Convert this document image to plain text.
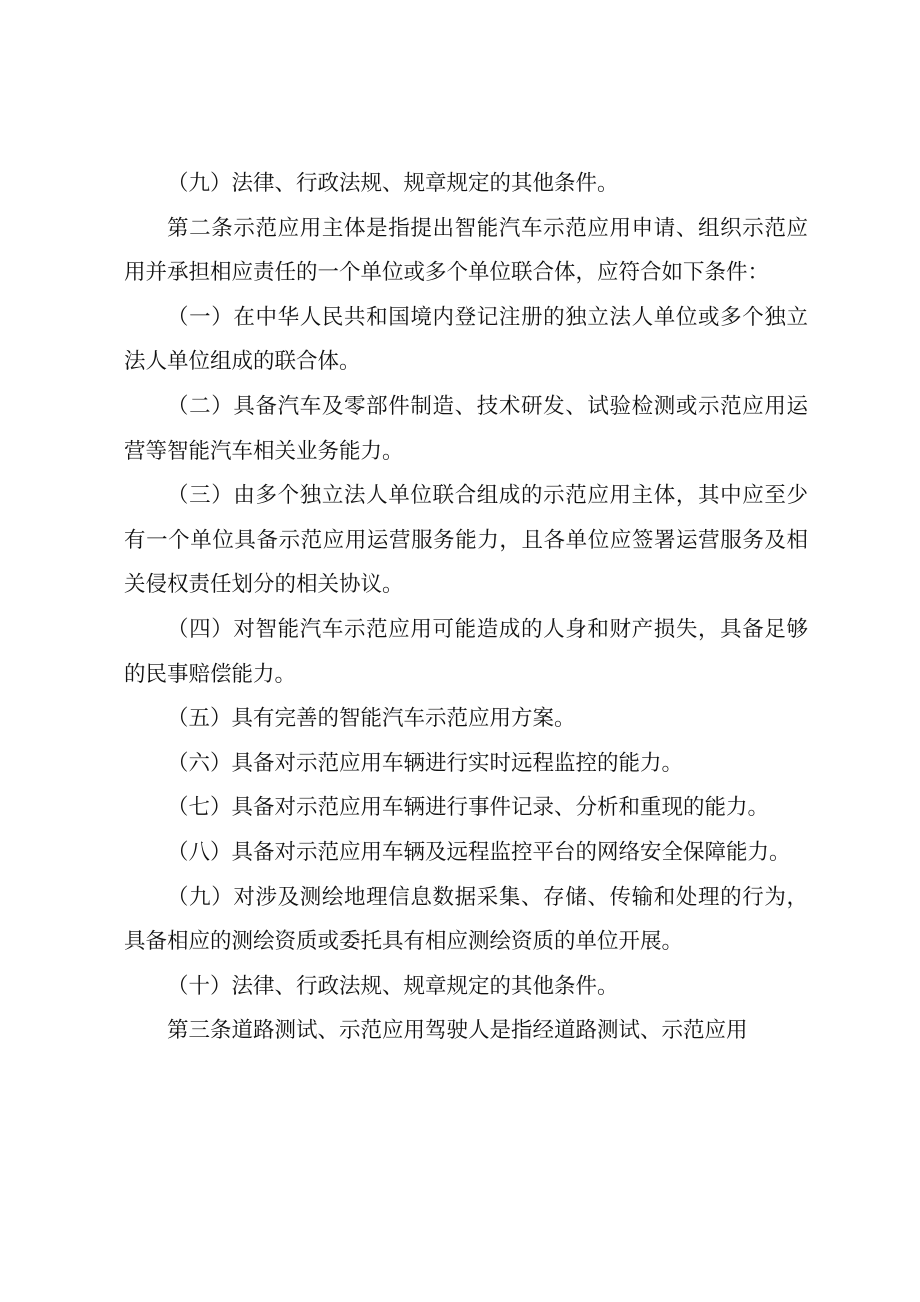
（九）法律、行政法规、规章规定的其他条件。

第二条示范应用主体是指提出智能汽车示范应用申请、组织示范应用并承担相应责任的一个单位或多个单位联合体，应符合如下条件：

（一）在中华人民共和国境内登记注册的独立法人单位或多个独立法人单位组成的联合体。

（二）具备汽车及零部件制造、技术研发、试验检测或示范应用运营等智能汽车相关业务能力。

（三）由多个独立法人单位联合组成的示范应用主体，其中应至少有一个单位具备示范应用运营服务能力，且各单位应签署运营服务及相关侵权责任划分的相关协议。

（四）对智能汽车示范应用可能造成的人身和财产损失，具备足够的民事赔偿能力。

（五）具有完善的智能汽车示范应用方案。

（六）具备对示范应用车辆进行实时远程监控的能力。

（七）具备对示范应用车辆进行事件记录、分析和重现的能力。

（八）具备对示范应用车辆及远程监控平台的网络安全保障能力。

（九）对涉及测绘地理信息数据采集、存储、传输和处理的行为，具备相应的测绘资质或委托具有相应测绘资质的单位开展。

（十）法律、行政法规、规章规定的其他条件。

第三条道路测试、示范应用驾驶人是指经道路测试、示范应用
